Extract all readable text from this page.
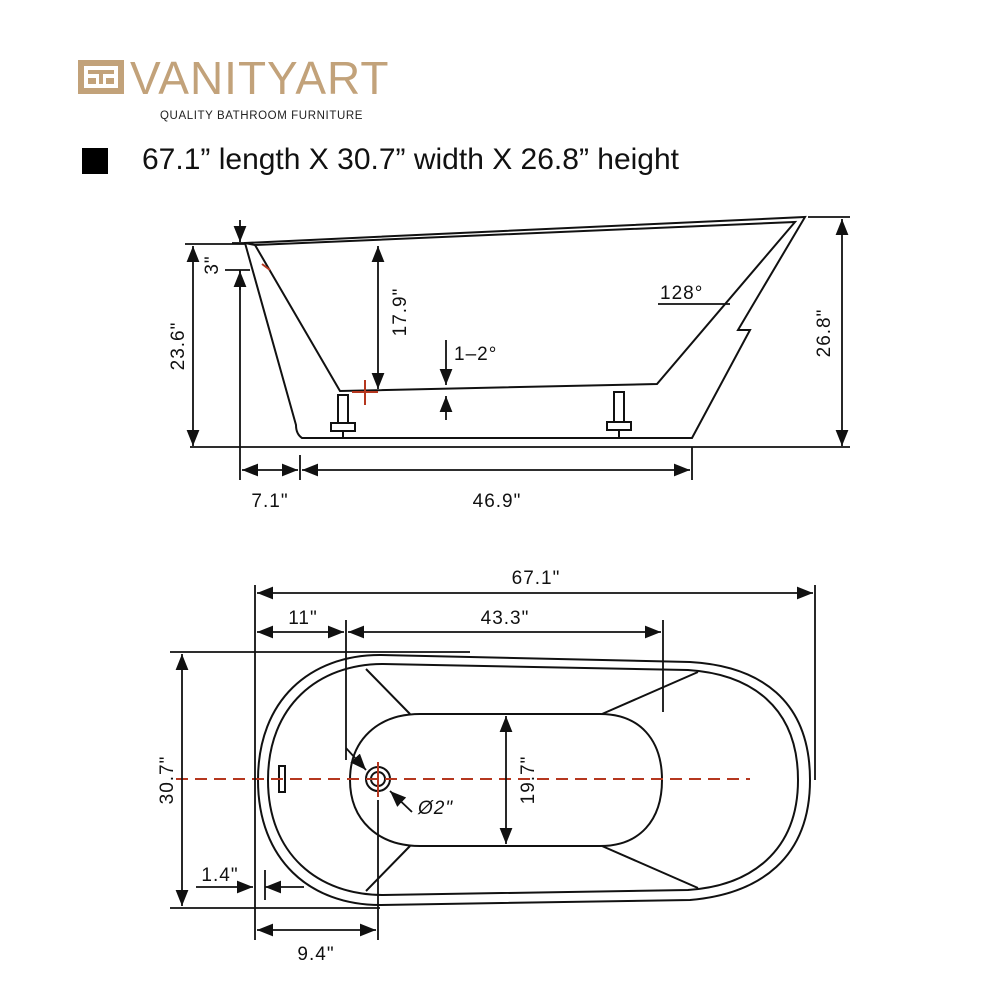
VANITYART
QUALITY BATHROOM FURNITURE
67.1” length X 30.7” width X 26.8” height
3"
23.6"
17.9"
1–2°
128°
26.8"
7.1"	46.9"
67.1"
11"	43.3"
30.7"	19.7"
Ø2"
1.4"
9.4"
